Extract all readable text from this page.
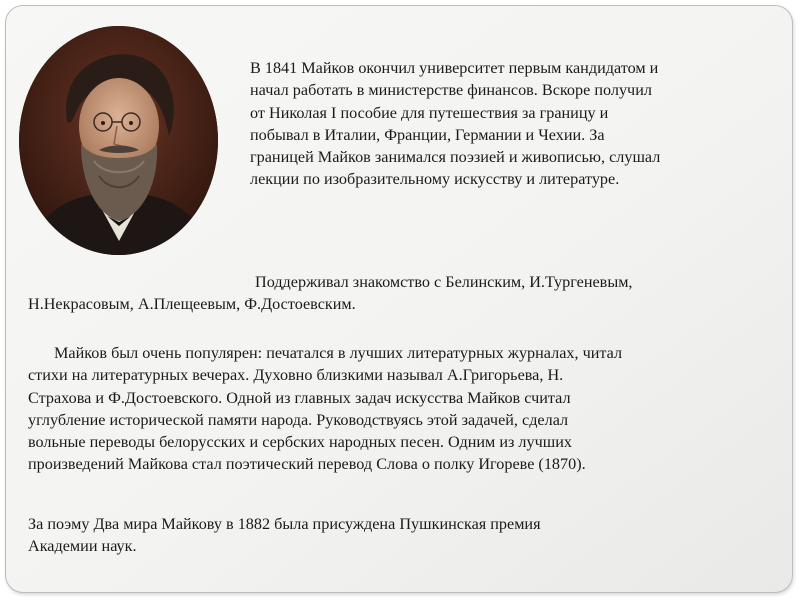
В 1841 Майков окончил университет первым кандидатом и
начал работать в министерстве финансов. Вскоре получил
от Николая I пособие для путешествия за границу и
побывал в Италии, Франции, Германии и Чехии. За
границей Майков занимался поэзией и живописью, слушал
лекции по изобразительному искусству и литературе.

Поддерживал знакомство с Белинским, И.Тургеневым,
Н.Некрасовым, А.Плещеевым, Ф.Достоевским.

Майков был очень популярен: печатался в лучших литературных журналах, читал
стихи на литературных вечерах. Духовно близкими называл А.Григорьева, Н.
Страхова и Ф.Достоевского. Одной из главных задач искусства Майков считал
углубление исторической памяти народа. Руководствуясь этой задачей, сделал
вольные переводы белорусских и сербских народных песен. Одним из лучших
произведений Майкова стал поэтический перевод Слова о полку Игореве (1870).

За поэму Два мира Майкову в 1882 была присуждена Пушкинская премия
Академии наук.
